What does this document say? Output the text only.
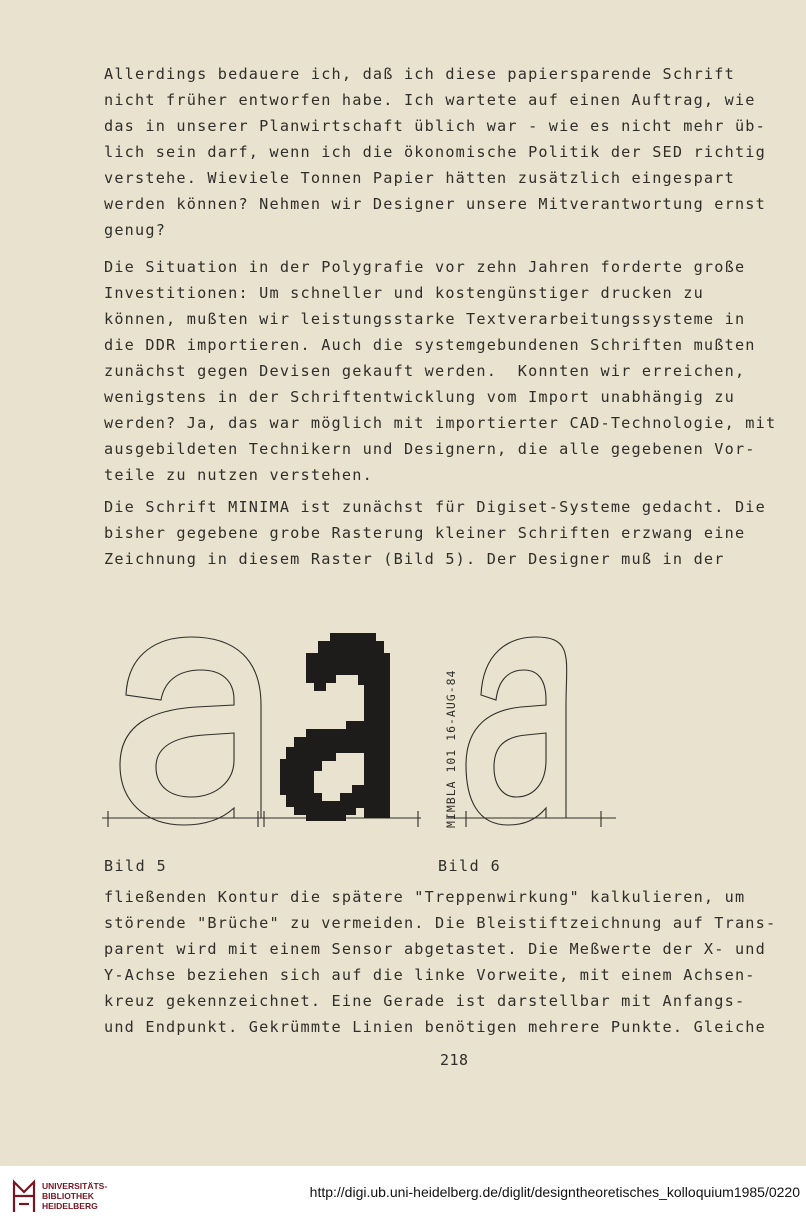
Allerdings bedauere ich, daß ich diese papiersparende Schrift
nicht früher entworfen habe. Ich wartete auf einen Auftrag, wie
das in unserer Planwirtschaft üblich war - wie es nicht mehr üb-
lich sein darf, wenn ich die ökonomische Politik der SED richtig
verstehe. Wieviele Tonnen Papier hätten zusätzlich eingespart
werden können? Nehmen wir Designer unsere Mitverantwortung ernst
genug?
Die Situation in der Polygrafie vor zehn Jahren forderte große
Investitionen: Um schneller und kostengünstiger drucken zu
können, mußten wir leistungsstarke Textverarbeitungssysteme in
die DDR importieren. Auch die systemgebundenen Schriften mußten
zunächst gegen Devisen gekauft werden.  Konnten wir erreichen,
wenigstens in der Schriftentwicklung vom Import unabhängig zu
werden? Ja, das war möglich mit importierter CAD-Technologie, mit
ausgebildeten Technikern und Designern, die alle gegebenen Vor-
teile zu nutzen verstehen.
Die Schrift MINIMA ist zunächst für Digiset-Systeme gedacht. Die
bisher gegebene grobe Rasterung kleiner Schriften erzwang eine
Zeichnung in diesem Raster (Bild 5). Der Designer muß in der
MIMBLA 101 16-AUG-84
Bild 5	Bild 6
fließenden Kontur die spätere "Treppenwirkung" kalkulieren, um
störende "Brüche" zu vermeiden. Die Bleistiftzeichnung auf Trans-
parent wird mit einem Sensor abgetastet. Die Meßwerte der X- und
Y-Achse beziehen sich auf die linke Vorweite, mit einem Achsen-
kreuz gekennzeichnet. Eine Gerade ist darstellbar mit Anfangs-
und Endpunkt. Gekrümmte Linien benötigen mehrere Punkte. Gleiche
218
UNIVERSITÄTS-
BIBLIOTHEK
HEIDELBERG
http://digi.ub.uni-heidelberg.de/diglit/designtheoretisches_kolloquium1985/0220
